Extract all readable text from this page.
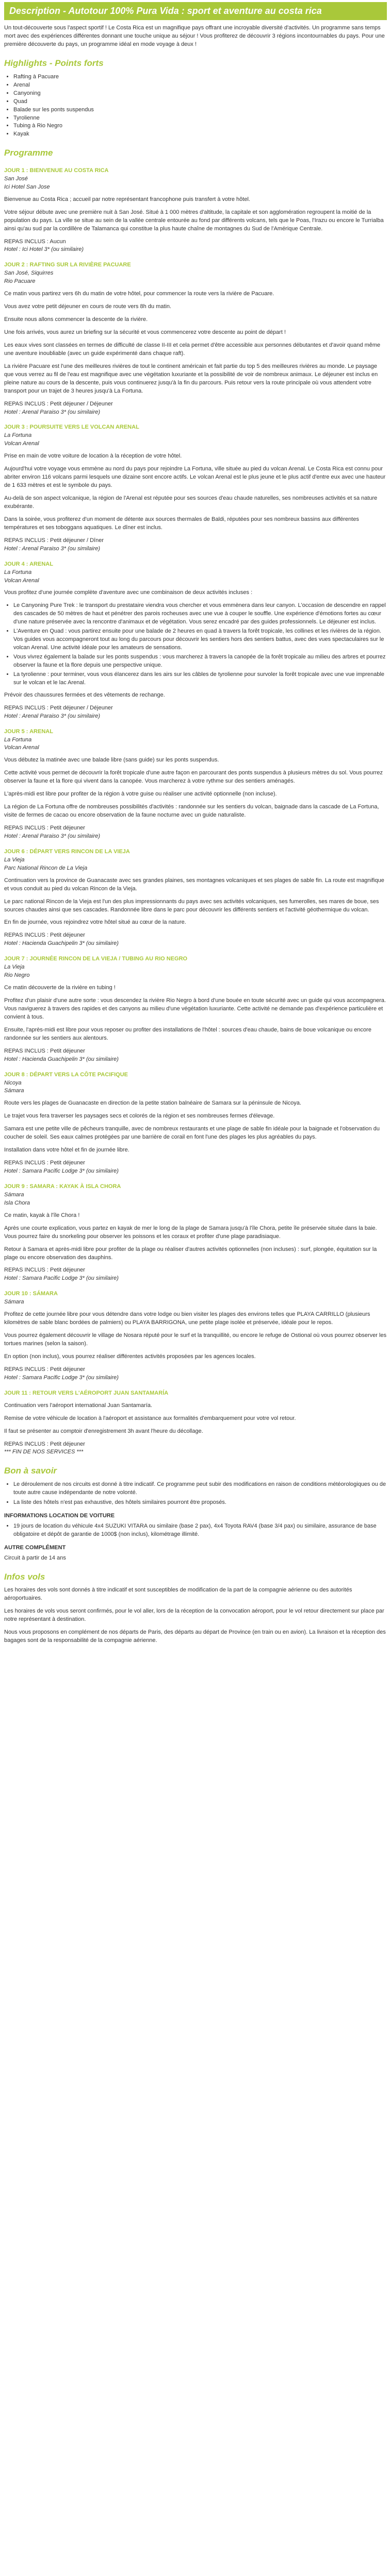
Description - Autotour 100% Pura Vida : sport et aventure au costa rica

Un tout-découverte sous l'aspect sportif ! Le Costa Rica est un magnifique pays offrant une incroyable diversité d'activités. Un programme sans temps mort avec des expériences différentes donnant une touche unique au séjour ! Vous profiterez de découvrir 3 régions incontournables du pays. Pour une première découverte du pays, un programme idéal en mode voyage à deux !

Highlights - Points forts
• Rafting à Pacuare
• Arenal
• Canyoning
• Quad
• Balade sur les ponts suspendus
• Tyrolienne
• Tubing à Rio Negro
• Kayak
Programme
JOUR 1 : BIENVENUE AU COSTA RICA
San José
Ici Hotel San Jose

Bienvenue au Costa Rica ; accueil par notre représentant francophone puis transfert à votre hôtel.

Votre séjour débute avec une première nuit à San José. Situé à 1 000 mètres d'altitude, la capitale et son agglomération regroupent la moitié de la population du pays. La ville se situe au sein de la vallée centrale entourée au fond par différents volcans, tels que le Poas, l'Irazu ou encore le Turrialba ainsi qu'au sud par la cordillère de Talamanca qui constitue la plus haute chaîne de montagnes du Sud de l'Amérique Centrale.

REPAS INCLUS : Aucun

Hotel : Ici Hotel 3* (ou similaire)

JOUR 2 : RAFTING SUR LA RIVIÈRE PACUARE
San José, Siquirres
Rio Pacuare

Ce matin vous partirez vers 6h du matin de votre hôtel, pour commencer la route vers la rivière de Pacuare.

Vous avez votre petit déjeuner en cours de route vers 8h du matin.

Ensuite nous allons commencer la descente de la rivière.

Une fois arrivés, vous aurez un briefing sur la sécurité et vous commencerez votre descente au point de départ !

Les eaux vives sont classées en termes de difficulté de classe II-III et cela permet d'être accessible aux personnes débutantes et d'avoir quand même une aventure inoubliable (avec un guide expérimenté dans chaque raft).

La rivière Pacuare est l'une des meilleures rivières de tout le continent américain et fait partie du top 5 des meilleures rivières au monde. Le paysage que vous verrez au fil de l'eau est magnifique avec une végétation luxuriante et la possibilité de voir de nombreux animaux. Le déjeuner est inclus en pleine nature au cours de la descente, puis vous continuerez jusqu'à la fin du parcours. Puis retour vers la route principale où vous attendent votre transport pour un trajet de 3 heures jusqu'à La Fortuna.

REPAS INCLUS : Petit déjeuner / Déjeuner

Hotel : Arenal Paraiso 3* (ou similaire)

JOUR 3 : POURSUITE VERS LE VOLCAN ARENAL
La Fortuna
Volcan Arenal

Prise en main de votre voiture de location à la réception de votre hôtel.

Aujourd'hui votre voyage vous emmène au nord du pays pour rejoindre La Fortuna, ville située au pied du volcan Arenal. Le Costa Rica est connu pour abriter environ 116 volcans parmi lesquels une dizaine sont encore actifs. Le volcan Arenal est le plus jeune et le plus actif d'entre eux avec une hauteur de 1 633 mètres et est le symbole du pays.

Au-delà de son aspect volcanique, la région de l'Arenal est réputée pour ses sources d'eau chaude naturelles, ses nombreuses activités et sa nature exubérante.

Dans la soirée, vous profiterez d'un moment de détente aux sources thermales de Baldi, réputées pour ses nombreux bassins aux différentes températures et ses toboggans aquatiques. Le dîner est inclus.

REPAS INCLUS : Petit déjeuner / Dîner

Hotel : Arenal Paraiso 3* (ou similaire)

JOUR 4 : ARENAL
La Fortuna
Volcan Arenal

Vous profitez d'une journée complète d'aventure avec une combinaison de deux activités incluses :

• Le Canyoning Pure Trek : le transport du prestataire viendra vous chercher et vous emmènera dans leur canyon. L'occasion de descendre en rappel des cascades de 50 mètres de haut et pénétrer des parois rocheuses avec une vue à couper le souffle. Une expérience d'émotions fortes au cœur d'une nature préservée avec la rencontre d'animaux et de végétation. Vous serez encadré par des guides professionnels. Le déjeuner est inclus.
• L'Aventure en Quad : vous partirez ensuite pour une balade de 2 heures en quad à travers la forêt tropicale, les collines et les rivières de la région. Vos guides vous accompagneront tout au long du parcours pour découvrir les sentiers hors des sentiers battus, avec des vues spectaculaires sur le volcan Arenal. Une activité idéale pour les amateurs de sensations.
• Vous vivrez également la balade sur les ponts suspendus : vous marcherez à travers la canopée de la forêt tropicale au milieu des arbres et pourrez observer la faune et la flore depuis une perspective unique.
• La tyrolienne : pour terminer, vous vous élancerez dans les airs sur les câbles de tyrolienne pour survoler la forêt tropicale avec une vue imprenable sur le volcan et le lac Arenal.

Prévoir des chaussures fermées et des vêtements de rechange.

REPAS INCLUS : Petit déjeuner / Déjeuner

Hotel : Arenal Paraiso 3* (ou similaire)

JOUR 5 : ARENAL
La Fortuna
Volcan Arenal

Vous débutez la matinée avec une balade libre (sans guide) sur les ponts suspendus.

Cette activité vous permet de découvrir la forêt tropicale d'une autre façon en parcourant des ponts suspendus à plusieurs mètres du sol. Vous pourrez observer la faune et la flore qui vivent dans la canopée. Vous marcherez à votre rythme sur des sentiers aménagés.

L'après-midi est libre pour profiter de la région à votre guise ou réaliser une activité optionnelle (non incluse).

La région de La Fortuna offre de nombreuses possibilités d'activités : randonnée sur les sentiers du volcan, baignade dans la cascade de La Fortuna, visite de fermes de cacao ou encore observation de la faune nocturne avec un guide naturaliste.

REPAS INCLUS : Petit déjeuner

Hotel : Arenal Paraiso 3* (ou similaire)

JOUR 6 : DÉPART VERS RINCON DE LA VIEJA
La Vieja
Parc National Rincon de La Vieja

Continuation vers la province de Guanacaste avec ses grandes plaines, ses montagnes volcaniques et ses plages de sable fin. La route est magnifique et vous conduit au pied du volcan Rincon de la Vieja.

Le parc national Rincon de la Vieja est l'un des plus impressionnants du pays avec ses activités volcaniques, ses fumerolles, ses mares de boue, ses sources chaudes ainsi que ses cascades. Randonnée libre dans le parc pour découvrir les différents sentiers et l'activité géothermique du volcan.

En fin de journée, vous rejoindrez votre hôtel situé au cœur de la nature.

REPAS INCLUS : Petit déjeuner

Hotel : Hacienda Guachipelin 3* (ou similaire)

JOUR 7 : JOURNÉE RINCON DE LA VIEJA / TUBING AU RIO NEGRO
La Vieja
Rio Negro

Ce matin découverte de la rivière en tubing !

Profitez d'un plaisir d'une autre sorte : vous descendez la rivière Rio Negro à bord d'une bouée en toute sécurité avec un guide qui vous accompagnera. Vous naviguerez à travers des rapides et des canyons au milieu d'une végétation luxuriante. Cette activité ne demande pas d'expérience particulière et convient à tous.

Ensuite, l'après-midi est libre pour vous reposer ou profiter des installations de l'hôtel : sources d'eau chaude, bains de boue volcanique ou encore randonnée sur les sentiers aux alentours.

REPAS INCLUS : Petit déjeuner

Hotel : Hacienda Guachipelin 3* (ou similaire)

JOUR 8 : DÉPART VERS LA CÔTE PACIFIQUE
Nicoya
Sámara

Route vers les plages de Guanacaste en direction de la petite station balnéaire de Samara sur la péninsule de Nicoya.

Le trajet vous fera traverser les paysages secs et colorés de la région et ses nombreuses fermes d'élevage.

Samara est une petite ville de pêcheurs tranquille, avec de nombreux restaurants et une plage de sable fin idéale pour la baignade et l'observation du coucher de soleil. Ses eaux calmes protégées par une barrière de corail en font l'une des plages les plus agréables du pays.

Installation dans votre hôtel et fin de journée libre.

REPAS INCLUS : Petit déjeuner

Hotel : Samara Pacific Lodge 3* (ou similaire)

JOUR 9 : SAMARA : KAYAK À ISLA CHORA
Sámara
Isla Chora

Ce matin, kayak à l'île Chora !

Après une courte explication, vous partez en kayak de mer le long de la plage de Samara jusqu'à l'île Chora, petite île préservée située dans la baie. Vous pourrez faire du snorkeling pour observer les poissons et les coraux et profiter d'une plage paradisiaque.

Retour à Samara et après-midi libre pour profiter de la plage ou réaliser d'autres activités optionnelles (non incluses) : surf, plongée, équitation sur la plage ou encore observation des dauphins.

REPAS INCLUS : Petit déjeuner

Hotel : Samara Pacific Lodge 3* (ou similaire)

JOUR 10 : SÁMARA
Sámara

Profitez de cette journée libre pour vous détendre dans votre lodge ou bien visiter les plages des environs telles que PLAYA CARRILLO (plusieurs kilomètres de sable blanc bordées de palmiers) ou PLAYA BARRIGONA, une petite plage isolée et préservée, idéale pour le repos.

Vous pourrez également découvrir le village de Nosara réputé pour le surf et la tranquillité, ou encore le refuge de Ostional où vous pourrez observer les tortues marines (selon la saison).

En option (non inclus), vous pourrez réaliser différentes activités proposées par les agences locales.

REPAS INCLUS : Petit déjeuner

Hotel : Samara Pacific Lodge 3* (ou similaire)

JOUR 11 : RETOUR VERS L'AÉROPORT JUAN SANTAMARÍA

Continuation vers l'aéroport international Juan Santamaría.

Remise de votre véhicule de location à l'aéroport et assistance aux formalités d'embarquement pour votre vol retour.

Il faut se présenter au comptoir d'enregistrement 3h avant l'heure du décollage.

REPAS INCLUS : Petit déjeuner

*** FIN DE NOS SERVICES ***

Bon à savoir
• Le déroulement de nos circuits est donné à titre indicatif. Ce programme peut subir des modifications en raison de conditions météorologiques ou de toute autre cause indépendante de notre volonté.
• La liste des hôtels n'est pas exhaustive, des hôtels similaires pourront être proposés.
INFORMATIONS LOCATION DE VOITURE
• 19 jours de location du véhicule 4x4 SUZUKI VITARA ou similaire (base 2 pax), 4x4 Toyota RAV4 (base 3/4 pax) ou similaire, assurance de base obligatoire et dépôt de garantie de 1000$ (non inclus), kilométrage illimité.
AUTRE COMPLÉMENT

Circuit à partir de 14 ans

Infos vols

Les horaires des vols sont donnés à titre indicatif et sont susceptibles de modification de la part de la compagnie aérienne ou des autorités aéroportuaires.

Les horaires de vols vous seront confirmés, pour le vol aller, lors de la réception de la convocation aéroport, pour le vol retour directement sur place par notre représentant à destination.

Nous vous proposons en complément de nos départs de Paris, des départs au départ de Province (en train ou en avion). La livraison et la réception des bagages sont de la responsabilité de la compagnie aérienne.
